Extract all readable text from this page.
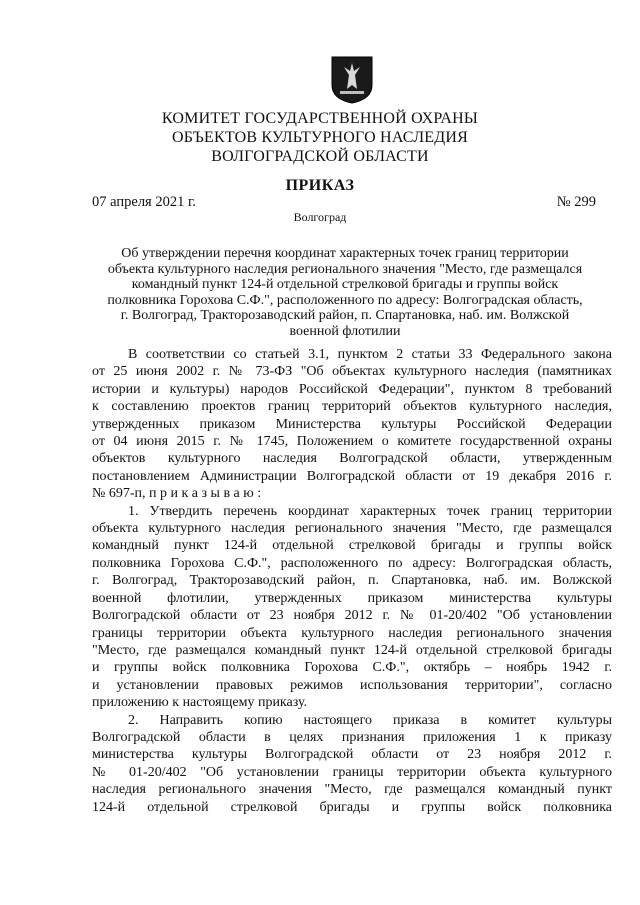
КОМИТЕТ ГОСУДАРСТВЕННОЙ ОХРАНЫ
ОБЪЕКТОВ КУЛЬТУРНОГО НАСЛЕДИЯ
ВОЛГОГРАДСКОЙ ОБЛАСТИ
ПРИКАЗ
07 апреля 2021 г.	№ 299
Волгоград
Об утверждении перечня координат характерных точек границ территории
объекта культурного наследия регионального значения "Место, где размещался
командный пункт 124-й отдельной стрелковой бригады и группы войск
полковника Горохова С.Ф.", расположенного по адресу: Волгоградская область,
г. Волгоград, Тракторозаводский район, п. Спартановка, наб. им. Волжской
военной флотилии
В соответствии со статьей 3.1, пунктом 2 статьи 33 Федерального закона
от 25 июня 2002 г. № 73-ФЗ "Об объектах культурного наследия (памятниках
истории и культуры) народов Российской Федерации", пунктом 8 требований
к составлению проектов границ территорий объектов культурного наследия,
утвержденных приказом Министерства культуры Российской Федерации
от 04 июня 2015 г. № 1745, Положением о комитете государственной охраны
объектов культурного наследия Волгоградской области, утвержденным
постановлением Администрации Волгоградской области от 19 декабря 2016 г.
№ 697-п, п р и к а з ы в а ю :
1. Утвердить перечень координат характерных точек границ территории
объекта культурного наследия регионального значения "Место, где размещался
командный пункт 124-й отдельной стрелковой бригады и группы войск
полковника Горохова С.Ф.", расположенного по адресу: Волгоградская область,
г. Волгоград, Тракторозаводский район, п. Спартановка, наб. им. Волжской
военной флотилии, утвержденных приказом министерства культуры
Волгоградской области от 23 ноября 2012 г. № 01-20/402 "Об установлении
границы территории объекта культурного наследия регионального значения
"Место, где размещался командный пункт 124-й отдельной стрелковой бригады
и группы войск полковника Горохова С.Ф.", октябрь – ноябрь 1942 г.
и установлении правовых режимов использования территории", согласно
приложению к настоящему приказу.
2. Направить копию настоящего приказа в комитет культуры
Волгоградской области в целях признания приложения 1 к приказу
министерства культуры Волгоградской области от 23 ноября 2012 г.
№ 01-20/402 "Об установлении границы территории объекта культурного
наследия регионального значения "Место, где размещался командный пункт
124-й отдельной стрелковой бригады и группы войск полковника
